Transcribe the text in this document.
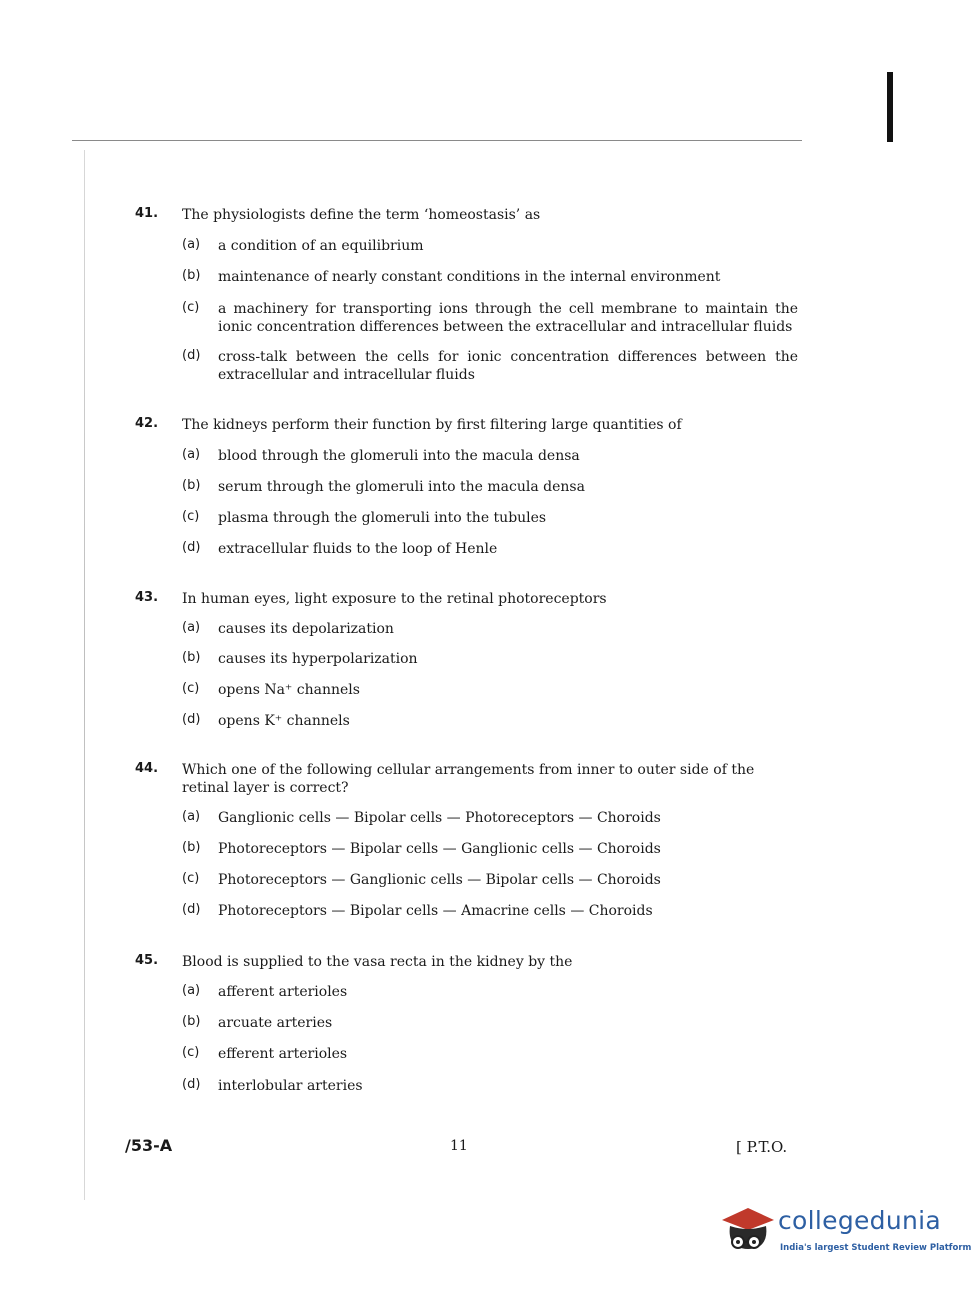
41. The physiologists define the term ‘homeostasis’ as
(a) a condition of an equilibrium
(b) maintenance of nearly constant conditions in the internal environment
(c) a machinery for transporting ions through the cell membrane to maintain the ionic concentration differences between the extracellular and intracellular fluids
(d) cross-talk between the cells for ionic concentration differences between the extracellular and intracellular fluids
42. The kidneys perform their function by first filtering large quantities of
(a) blood through the glomeruli into the macula densa
(b) serum through the glomeruli into the macula densa
(c) plasma through the glomeruli into the tubules
(d) extracellular fluids to the loop of Henle
43. In human eyes, light exposure to the retinal photoreceptors
(a) causes its depolarization
(b) causes its hyperpolarization
(c) opens Na⁺ channels
(d) opens K⁺ channels
44. Which one of the following cellular arrangements from inner to outer side of the retinal layer is correct?
(a) Ganglionic cells — Bipolar cells — Photoreceptors — Choroids
(b) Photoreceptors — Bipolar cells — Ganglionic cells — Choroids
(c) Photoreceptors — Ganglionic cells — Bipolar cells — Choroids
(d) Photoreceptors — Bipolar cells — Amacrine cells — Choroids
45. Blood is supplied to the vasa recta in the kidney by the
(a) afferent arterioles
(b) arcuate arteries
(c) efferent arterioles
(d) interlobular arteries
/53-A	11	[ P.T.O.
collegedunia
India's largest Student Review Platform
